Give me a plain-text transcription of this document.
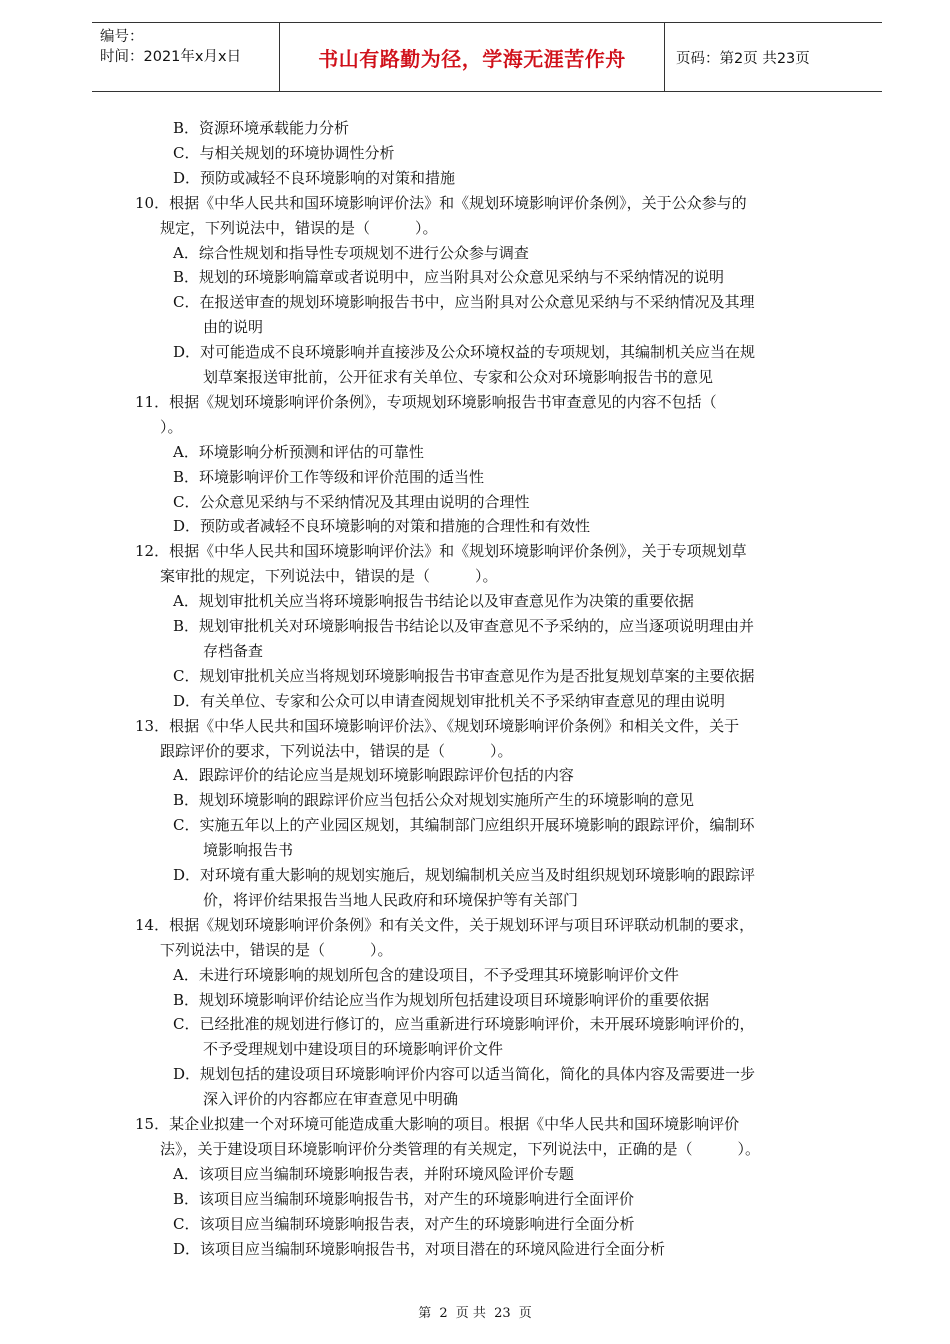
编号：
时间：2021年x月x日	书山有路勤为径，学海无涯苦作舟	页码：第2页 共23页
B．资源环境承载能力分析
C．与相关规划的环境协调性分析
D．预防或减轻不良环境影响的对策和措施
10．根据《中华人民共和国环境影响评价法》和《规划环境影响评价条例》，关于公众参与的
规定，下列说法中，错误的是（　　　）。
A．综合性规划和指导性专项规划不进行公众参与调查
B．规划的环境影响篇章或者说明中，应当附具对公众意见采纳与不采纳情况的说明
C．在报送审查的规划环境影响报告书中，应当附具对公众意见采纳与不采纳情况及其理
由的说明
D．对可能造成不良环境影响并直接涉及公众环境权益的专项规划，其编制机关应当在规
划草案报送审批前，公开征求有关单位、专家和公众对环境影响报告书的意见
11．根据《规划环境影响评价条例》，专项规划环境影响报告书审查意见的内容不包括（
）。
A．环境影响分析预测和评估的可靠性
B．环境影响评价工作等级和评价范围的适当性
C．公众意见采纳与不采纳情况及其理由说明的合理性
D．预防或者减轻不良环境影响的对策和措施的合理性和有效性
12．根据《中华人民共和国环境影响评价法》和《规划环境影响评价条例》，关于专项规划草
案审批的规定，下列说法中，错误的是（　　　）。
A．规划审批机关应当将环境影响报告书结论以及审查意见作为决策的重要依据
B．规划审批机关对环境影响报告书结论以及审查意见不予采纳的，应当逐项说明理由并
存档备查
C．规划审批机关应当将规划环境影响报告书审查意见作为是否批复规划草案的主要依据
D．有关单位、专家和公众可以申请查阅规划审批机关不予采纳审查意见的理由说明
13．根据《中华人民共和国环境影响评价法》、《规划环境影响评价条例》和相关文件，关于
跟踪评价的要求，下列说法中，错误的是（　　　）。
A．跟踪评价的结论应当是规划环境影响跟踪评价包括的内容
B．规划环境影响的跟踪评价应当包括公众对规划实施所产生的环境影响的意见
C．实施五年以上的产业园区规划，其编制部门应组织开展环境影响的跟踪评价，编制环
境影响报告书
D．对环境有重大影响的规划实施后，规划编制机关应当及时组织规划环境影响的跟踪评
价，将评价结果报告当地人民政府和环境保护等有关部门
14．根据《规划环境影响评价条例》和有关文件，关于规划环评与项目环评联动机制的要求，
下列说法中，错误的是（　　　）。
A．未进行环境影响的规划所包含的建设项目，不予受理其环境影响评价文件
B．规划环境影响评价结论应当作为规划所包括建设项目环境影响评价的重要依据
C．已经批准的规划进行修订的，应当重新进行环境影响评价，未开展环境影响评价的，
不予受理规划中建设项目的环境影响评价文件
D．规划包括的建设项目环境影响评价内容可以适当简化，简化的具体内容及需要进一步
深入评价的内容都应在审查意见中明确
15．某企业拟建一个对环境可能造成重大影响的项目。根据《中华人民共和国环境影响评价
法》，关于建设项目环境影响评价分类管理的有关规定，下列说法中，正确的是（　　　）。
A．该项目应当编制环境影响报告表，并附环境风险评价专题
B．该项目应当编制环境影响报告书，对产生的环境影响进行全面评价
C．该项目应当编制环境影响报告表，对产生的环境影响进行全面分析
D．该项目应当编制环境影响报告书，对项目潜在的环境风险进行全面分析
第 2 页 共 23 页
